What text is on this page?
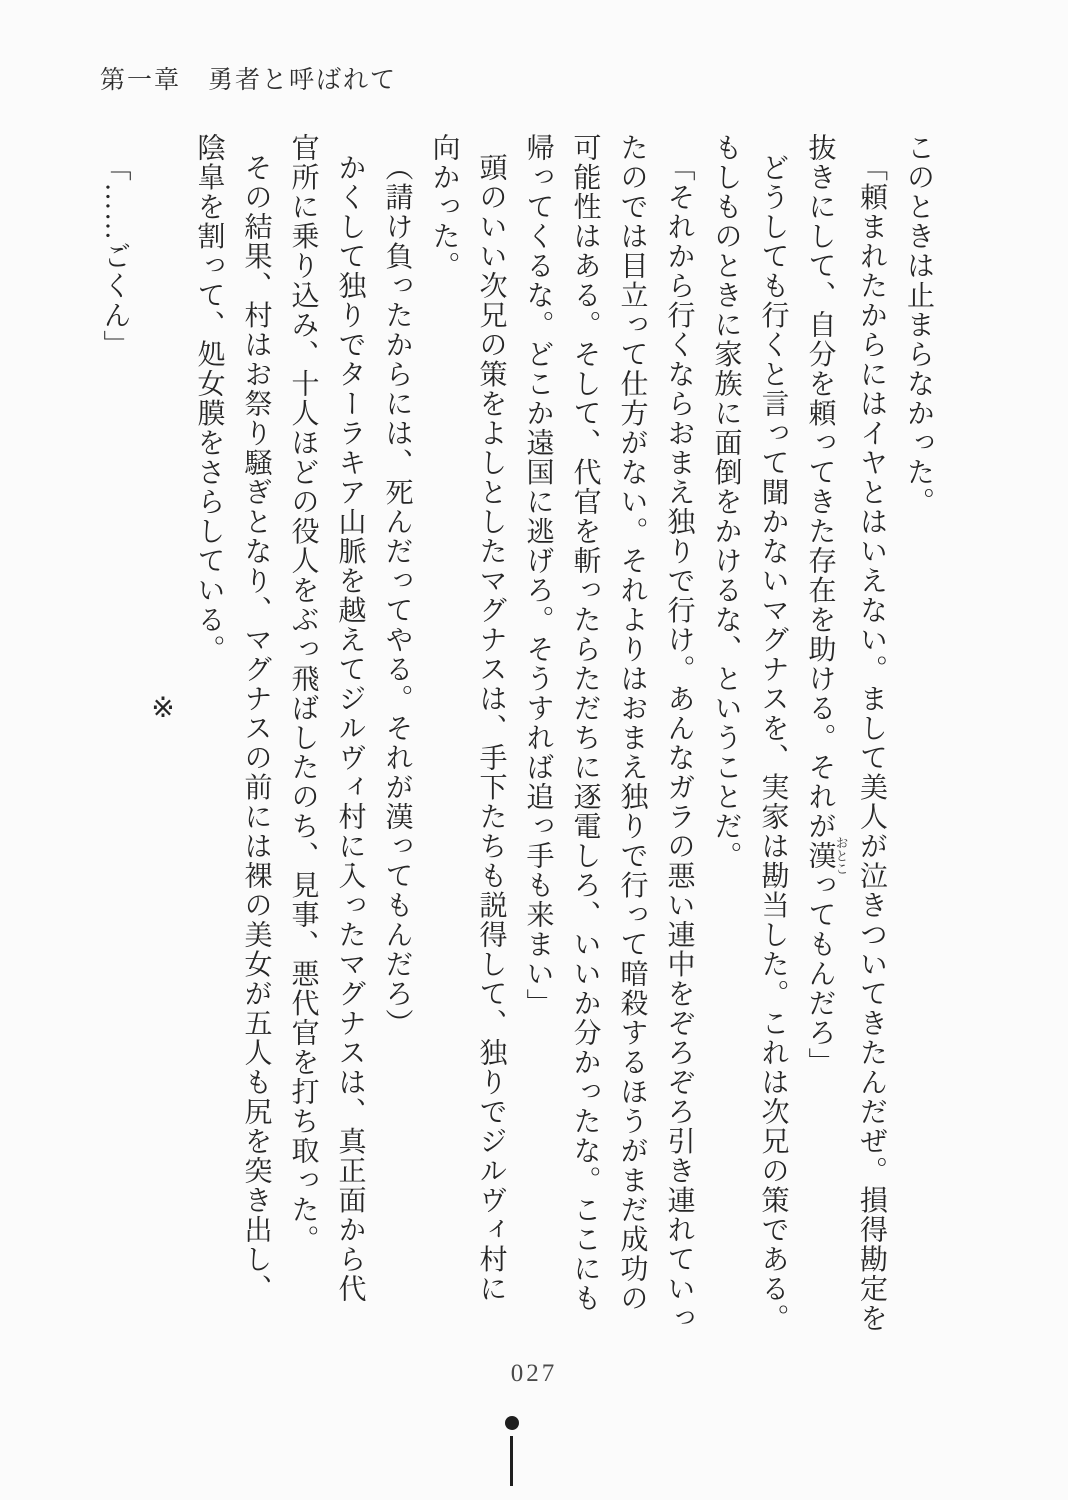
第一章　勇者と呼ばれて
このときは止まらなかった。
「頼まれたからにはイヤとはいえない。まして美人が泣きついてきたんだぜ。損得勘定を
抜きにして、自分を頼ってきた存在を助ける。それが漢おとこってもんだろ」
どうしても行くと言って聞かないマグナスを、実家は勘当した。これは次兄の策である。
もしものときに家族に面倒をかけるな、ということだ。
「それから行くならおまえ独りで行け。あんなガラの悪い連中をぞろぞろ引き連れていっ
たのでは目立って仕方がない。それよりはおまえ独りで行って暗殺するほうがまだ成功の
可能性はある。そして、代官を斬ったらただちに逐電しろ、いいか分かったな。ここにも
帰ってくるな。どこか遠国に逃げろ。そうすれば追っ手も来まい」
頭のいい次兄の策をよしとしたマグナスは、手下たちも説得して、独りでジルヴィ村に
向かった。
（請け負ったからには、死んだってやる。それが漢ってもんだろ）
かくして独りでターラキア山脈を越えてジルヴィ村に入ったマグナスは、真正面から代
官所に乗り込み、十人ほどの役人をぶっ飛ばしたのち、見事、悪代官を打ち取った。
その結果、村はお祭り騒ぎとなり、マグナスの前には裸の美女が五人も尻を突き出し、
陰皐を割って、処女膜をさらしている。
※
「……ごくん」
027
